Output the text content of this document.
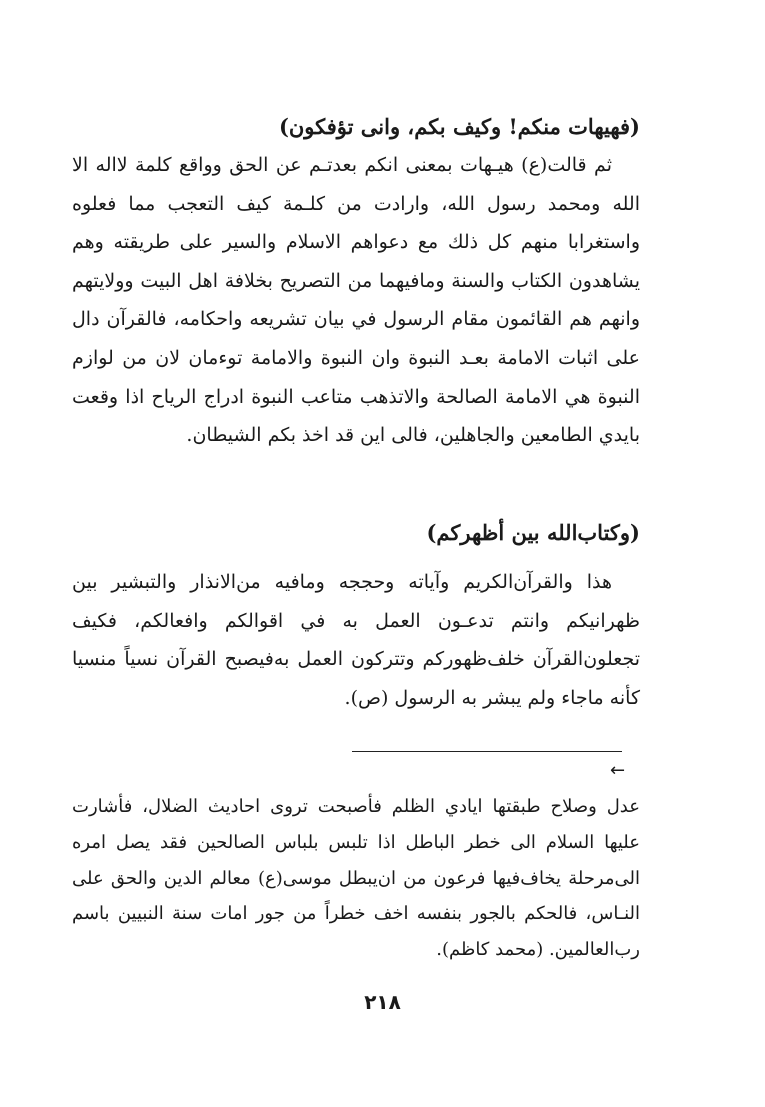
(فهيهات منكم! وكيف بكم، وانى تؤفكون)

ثم قالت(ع) هيـهات بمعنى انكم بعدتـم عن الحق وواقع كلمة لااله الا الله ومحمد رسول الله، وارادت من كلـمة كيف التعجب مما فعلوه واستغرابا منهم كل ذلك مع دعواهم الاسلام والسير على طريقته وهم يشاهدون الكتاب والسنة ومافيهما من التصريح بخلافة اهل البيت وولايتهم وانهم هم القائمون مقام الرسول في بيان تشريعه واحكامه، فالقرآن دال على اثبات الامامة بعـد النبوة وان النبوة والامامة توءمان لان من لوازم النبوة هي الامامة الصالحة والاتذهب متاعب النبوة ادراج الرياح اذا وقعت بايدي الطامعين والجاهلين، فالى اين قد اخذ بكم الشيطان.

(وكتاب‌الله بين أظهركم)

هذا والقرآن‌الكريم وآياته وحججه ومافيه من‌الانذار والتبشير بين ظهرانيكم وانتم تدعـون العمل به في اقوالكم وافعالكم، فكيف تجعلون‌القرآن خلف‌ظهوركم وتتركون العمل به‌فيصبح القرآن نسياً منسيا كأنه ماجاء ولم يبشر به الرسول (ص).

←

عدل وصلاح طبقتها ايادي الظلم فأصبحت تروى احاديث الضلال، فأشارت عليها السلام الى خطر الباطل اذا تلبس بلباس الصالحين فقد يصل امره الى‌مرحلة يخاف‌فيها فرعون من ان‌يبطل موسى(ع) معالم الدين والحق على النـاس، فالحكم بالجور بنفسه اخف خطراً من جور امات سنة النبيين باسم رب‌العالمين. (محمد كاظم).

٢١٨
